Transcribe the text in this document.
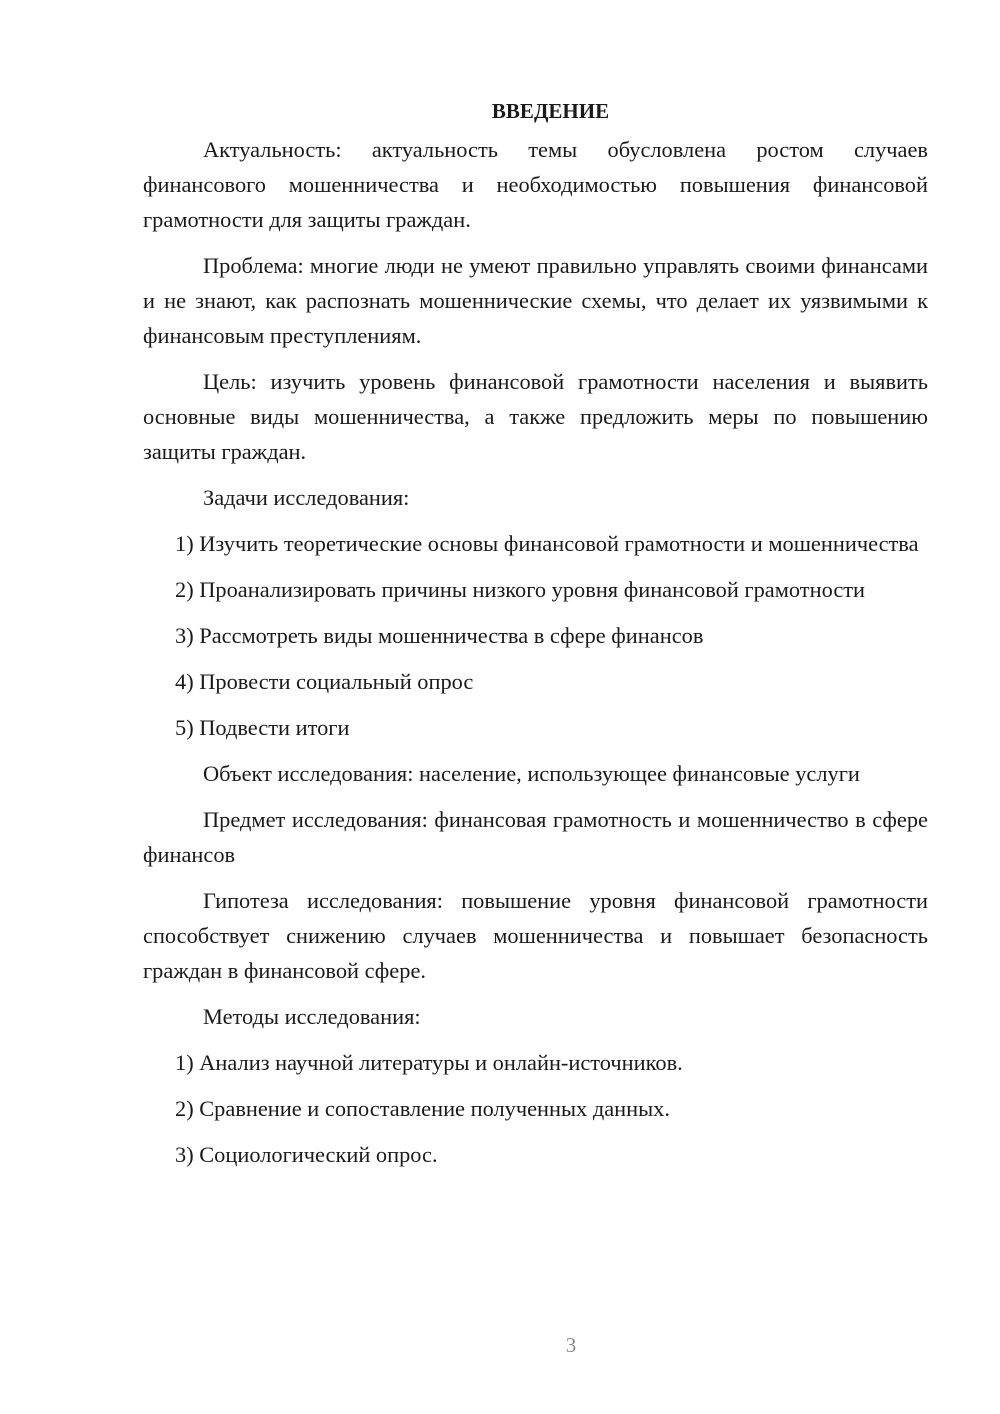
ВВЕДЕНИЕ

Актуальность: актуальность темы обусловлена ростом случаев финансового мошенничества и необходимостью повышения финансовой грамотности для защиты граждан.

Проблема: многие люди не умеют правильно управлять своими финансами и не знают, как распознать мошеннические схемы, что делает их уязвимыми к финансовым преступлениям.

Цель: изучить уровень финансовой грамотности населения и выявить основные виды мошенничества, а также предложить меры по повышению защиты граждан.

Задачи исследования:

1) Изучить теоретические основы финансовой грамотности и мошенничества

2) Проанализировать причины низкого уровня финансовой грамотности

3) Рассмотреть виды мошенничества в сфере финансов

4) Провести социальный опрос

5) Подвести итоги

Объект исследования: население, использующее финансовые услуги

Предмет исследования: финансовая грамотность и мошенничество в сфере финансов

Гипотеза исследования: повышение уровня финансовой грамотности способствует снижению случаев мошенничества и повышает безопасность граждан в финансовой сфере.

Методы исследования:

1) Анализ научной литературы и онлайн-источников.

2) Сравнение и сопоставление полученных данных.

3) Социологический опрос.

3
